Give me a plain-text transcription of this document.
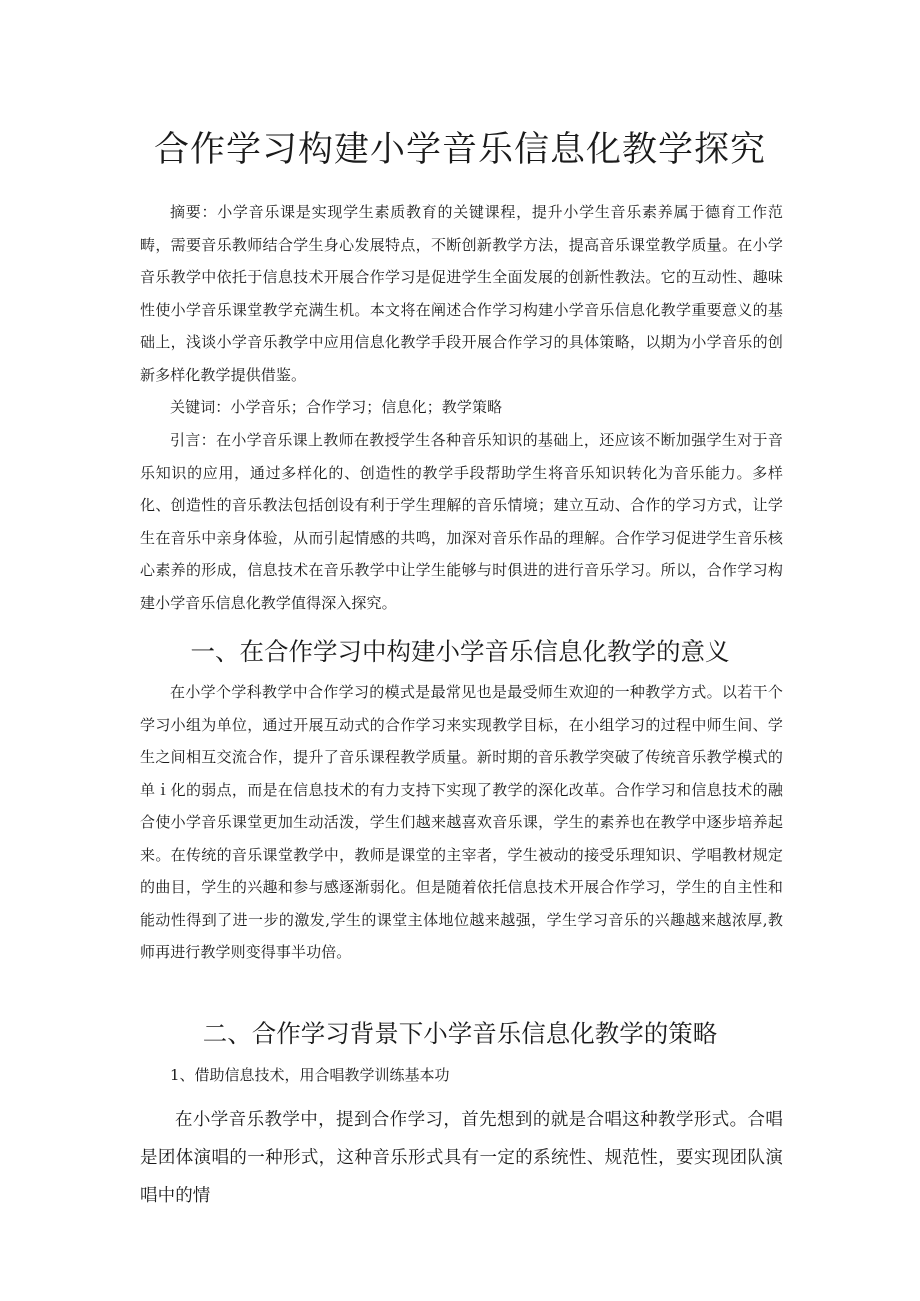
合作学习构建小学音乐信息化教学探究

摘要：小学音乐课是实现学生素质教育的关键课程，提升小学生音乐素养属于德育工作范畴，需要音乐教师结合学生身心发展特点，不断创新教学方法，提高音乐课堂教学质量。在小学音乐教学中依托于信息技术开展合作学习是促进学生全面发展的创新性教法。它的互动性、趣味性使小学音乐课堂教学充满生机。本文将在阐述合作学习构建小学音乐信息化教学重要意义的基础上，浅谈小学音乐教学中应用信息化教学手段开展合作学习的具体策略，以期为小学音乐的创新多样化教学提供借鉴。

关键词：小学音乐；合作学习；信息化；教学策略

引言：在小学音乐课上教师在教授学生各种音乐知识的基础上，还应该不断加强学生对于音乐知识的应用，通过多样化的、创造性的教学手段帮助学生将音乐知识转化为音乐能力。多样化、创造性的音乐教法包括创设有利于学生理解的音乐情境；建立互动、合作的学习方式，让学生在音乐中亲身体验，从而引起情感的共鸣，加深对音乐作品的理解。合作学习促进学生音乐核心素养的形成，信息技术在音乐教学中让学生能够与时俱进的进行音乐学习。所以，合作学习构建小学音乐信息化教学值得深入探究。

一、在合作学习中构建小学音乐信息化教学的意义

在小学个学科教学中合作学习的模式是最常见也是最受师生欢迎的一种教学方式。以若干个学习小组为单位，通过开展互动式的合作学习来实现教学目标，在小组学习的过程中师生间、学生之间相互交流合作，提升了音乐课程教学质量。新时期的音乐教学突破了传统音乐教学模式的单ｉ化的弱点，而是在信息技术的有力支持下实现了教学的深化改革。合作学习和信息技术的融合使小学音乐课堂更加生动活泼，学生们越来越喜欢音乐课，学生的素养也在教学中逐步培养起来。在传统的音乐课堂教学中，教师是课堂的主宰者，学生被动的接受乐理知识、学唱教材规定的曲目，学生的兴趣和参与感逐渐弱化。但是随着依托信息技术开展合作学习，学生的自主性和能动性得到了进一步的激发,学生的课堂主体地位越来越强，学生学习音乐的兴趣越来越浓厚,教师再进行教学则变得事半功倍。

二、合作学习背景下小学音乐信息化教学的策略

1、借助信息技术，用合唱教学训练基本功

在小学音乐教学中，提到合作学习，首先想到的就是合唱这种教学形式。合唱是团体演唱的一种形式，这种音乐形式具有一定的系统性、规范性，要实现团队演唱中的情
